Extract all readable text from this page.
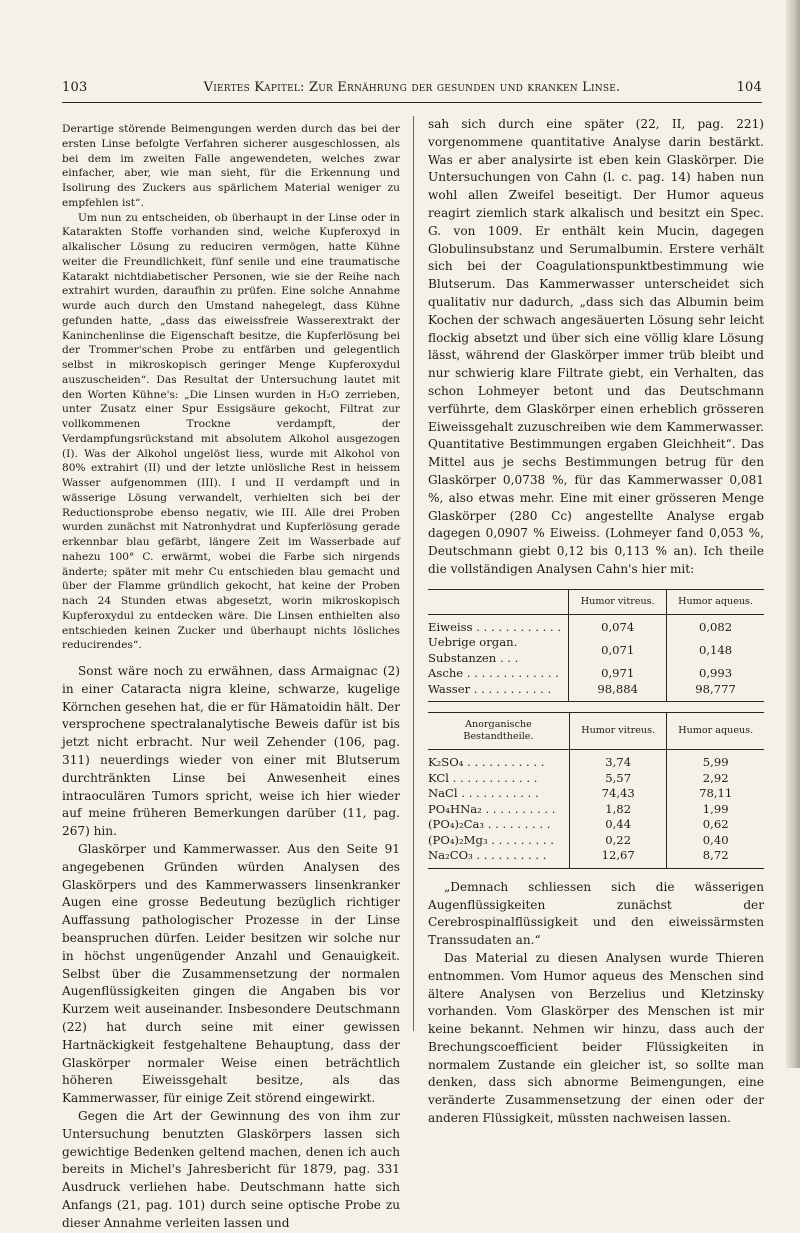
103	Viertes Kapitel: Zur Ernährung der gesunden und kranken Linse.	104

Derartige störende Beimengungen werden durch das bei der ersten Linse befolgte Verfahren sicherer ausgeschlossen, als bei dem im zweiten Falle angewendeten, welches zwar einfacher, aber, wie man sieht, für die Erkennung und Isolirung des Zuckers aus spärlichem Material weniger zu empfehlen ist“.

Um nun zu entscheiden, ob überhaupt in der Linse oder in Katarakten Stoffe vorhanden sind, welche Kupferoxyd in alkalischer Lösung zu reduciren vermögen, hatte Kühne weiter die Freundlichkeit, fünf senile und eine traumatische Katarakt nichtdiabetischer Personen, wie sie der Reihe nach extrahirt wurden, daraufhin zu prüfen. Eine solche Annahme wurde auch durch den Umstand nahegelegt, dass Kühne gefunden hatte, „dass das eiweissfreie Wasserextrakt der Kaninchenlinse die Eigenschaft besitze, die Kupferlösung bei der Trommer'schen Probe zu entfärben und gelegentlich selbst in mikroskopisch geringer Menge Kupferoxydul auszuscheiden“. Das Resultat der Untersuchung lautet mit den Worten Kühne's: „Die Linsen wurden in H₂O zerrieben, unter Zusatz einer Spur Essigsäure gekocht, Filtrat zur vollkommenen Trockne verdampft, der Verdampfungsrückstand mit absolutem Alkohol ausgezogen (I). Was der Alkohol ungelöst liess, wurde mit Alkohol von 80% extrahirt (II) und der letzte unlösliche Rest in heissem Wasser aufgenommen (III). I und II verdampft und in wässerige Lösung verwandelt, verhielten sich bei der Reductionsprobe ebenso negativ, wie III. Alle drei Proben wurden zunächst mit Natronhydrat und Kupferlösung gerade erkennbar blau gefärbt, längere Zeit im Wasserbade auf nahezu 100° C. erwärmt, wobei die Farbe sich nirgends änderte; später mit mehr Cu entschieden blau gemacht und über der Flamme gründlich gekocht, hat keine der Proben nach 24 Stunden etwas abgesetzt, worin mikroskopisch Kupferoxydul zu entdecken wäre. Die Linsen enthielten also entschieden keinen Zucker und überhaupt nichts lösliches reducirendes“.

Sonst wäre noch zu erwähnen, dass Armaignac (2) in einer Cataracta nigra kleine, schwarze, kugelige Körnchen gesehen hat, die er für Hämatoidin hält. Der versprochene spectralanalytische Beweis dafür ist bis jetzt nicht erbracht. Nur weil Zehender (106, pag. 311) neuerdings wieder von einer mit Blutserum durchtränkten Linse bei Anwesenheit eines intraoculären Tumors spricht, weise ich hier wieder auf meine früheren Bemerkungen darüber (11, pag. 267) hin.

Glaskörper und Kammerwasser. Aus den Seite 91 angegebenen Gründen würden Analysen des Glaskörpers und des Kammerwassers linsenkranker Augen eine grosse Bedeutung bezüglich richtiger Auffassung pathologischer Prozesse in der Linse beanspruchen dürfen. Leider besitzen wir solche nur in höchst ungenügender Anzahl und Genauigkeit. Selbst über die Zusammensetzung der normalen Augenflüssigkeiten gingen die Angaben bis vor Kurzem weit auseinander. Insbesondere Deutschmann (22) hat durch seine mit einer gewissen Hartnäckigkeit festgehaltene Behauptung, dass der Glaskörper normaler Weise einen beträchtlich höheren Eiweissgehalt besitze, als das Kammerwasser, für einige Zeit störend eingewirkt.

Gegen die Art der Gewinnung des von ihm zur Untersuchung benutzten Glaskörpers lassen sich gewichtige Bedenken geltend machen, denen ich auch bereits in Michel's Jahresbericht für 1879, pag. 331 Ausdruck verliehen habe. Deutschmann hatte sich Anfangs (21, pag. 101) durch seine optische Probe zu dieser Annahme verleiten lassen und

sah sich durch eine später (22, II, pag. 221) vorgenommene quantitative Analyse darin bestärkt. Was er aber analysirte ist eben kein Glaskörper. Die Untersuchungen von Cahn (l. c. pag. 14) haben nun wohl allen Zweifel beseitigt. Der Humor aqueus reagirt ziemlich stark alkalisch und besitzt ein Spec. G. von 1009. Er enthält kein Mucin, dagegen Globulinsubstanz und Serumalbumin. Erstere verhält sich bei der Coagulationspunktbestimmung wie Blutserum. Das Kammerwasser unterscheidet sich qualitativ nur dadurch, „dass sich das Albumin beim Kochen der schwach angesäuerten Lösung sehr leicht flockig absetzt und über sich eine völlig klare Lösung lässt, während der Glaskörper immer trüb bleibt und nur schwierig klare Filtrate giebt, ein Verhalten, das schon Lohmeyer betont und das Deutschmann verführte, dem Glaskörper einen erheblich grösseren Eiweissgehalt zuzuschreiben wie dem Kammerwasser. Quantitative Bestimmungen ergaben Gleichheit“. Das Mittel aus je sechs Bestimmungen betrug für den Glaskörper 0,0738 %, für das Kammerwasser 0,081 %, also etwas mehr. Eine mit einer grösseren Menge Glaskörper (280 Cc) angestellte Analyse ergab dagegen 0,0907 % Eiweiss. (Lohmeyer fand 0,053 %, Deutschmann giebt 0,12 bis 0,113 % an). Ich theile die vollständigen Analysen Cahn's hier mit:

	Humor vitreus.	Humor aqueus.
Eiweiss . . . . . . . . . . . .	0,074	0,082
Uebrige organ. Substanzen . . .	0,071	0,148
Asche . . . . . . . . . . . . .	0,971	0,993
Wasser . . . . . . . . . . .	98,884	98,777
Anorganische Bestandtheile.	Humor vitreus.	Humor aqueus.
K₂SO₄ . . . . . . . . . . .	3,74	5,99
KCl . . . . . . . . . . . .	5,57	2,92
NaCl . . . . . . . . . . .	74,43	78,11
PO₄HNa₂ . . . . . . . . . .	1,82	1,99
(PO₄)₂Ca₃ . . . . . . . . .	0,44	0,62
(PO₄)₂Mg₃ . . . . . . . . .	0,22	0,40
Na₂CO₃ . . . . . . . . . .	12,67	8,72

„Demnach schliessen sich die wässerigen Augenflüssigkeiten zunächst der Cerebrospinalflüssigkeit und den eiweissärmsten Transsudaten an.“

Das Material zu diesen Analysen wurde Thieren entnommen. Vom Humor aqueus des Menschen sind ältere Analysen von Berzelius und Kletzinsky vorhanden. Vom Glaskörper des Menschen ist mir keine bekannt. Nehmen wir hinzu, dass auch der Brechungscoefficient beider Flüssigkeiten in normalem Zustande ein gleicher ist, so sollte man denken, dass sich abnorme Beimengungen, eine veränderte Zusammensetzung der einen oder der anderen Flüssigkeit, müssten nachweisen lassen.
